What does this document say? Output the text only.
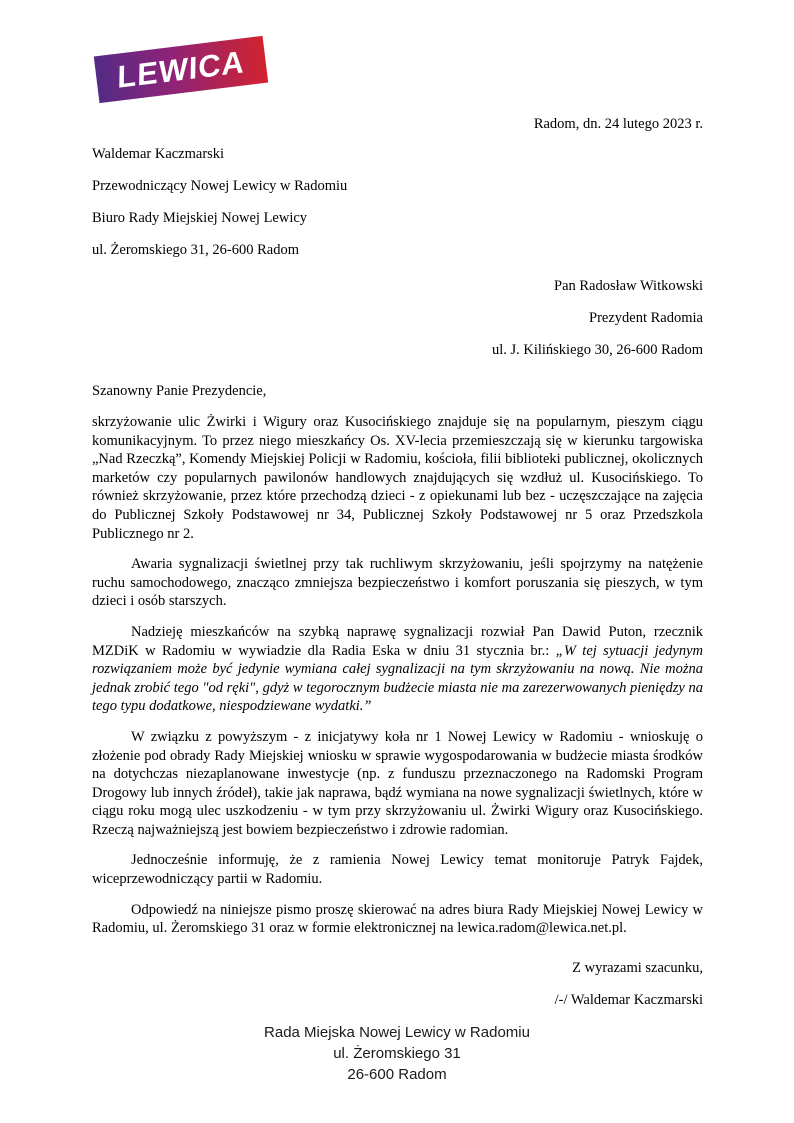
LEWICA
Radom, dn. 24 lutego 2023 r.
Waldemar Kaczmarski
Przewodniczący Nowej Lewicy w Radomiu
Biuro Rady Miejskiej Nowej Lewicy
ul. Żeromskiego 31, 26-600 Radom
Pan Radosław Witkowski
Prezydent Radomia
ul. J. Kilińskiego 30, 26-600 Radom
Szanowny Panie Prezydencie,

skrzyżowanie ulic Żwirki i Wigury oraz Kusocińskiego znajduje się na popularnym, pieszym ciągu komunikacyjnym. To przez niego mieszkańcy Os. XV-lecia przemieszczają się w kierunku targowiska „Nad Rzeczką”, Komendy Miejskiej Policji w Radomiu, kościoła, filii biblioteki publicznej, okolicznych marketów czy popularnych pawilonów handlowych znajdujących się wzdłuż ul. Kusocińskiego. To również skrzyżowanie, przez które przechodzą dzieci - z opiekunami lub bez - uczęszczające na zajęcia do Publicznej Szkoły Podstawowej nr 34, Publicznej Szkoły Podstawowej nr 5 oraz Przedszkola Publicznego nr 2.

Awaria sygnalizacji świetlnej przy tak ruchliwym skrzyżowaniu, jeśli spojrzymy na natężenie ruchu samochodowego, znacząco zmniejsza bezpieczeństwo i komfort poruszania się pieszych, w tym dzieci i osób starszych.

Nadzieję mieszkańców na szybką naprawę sygnalizacji rozwiał Pan Dawid Puton, rzecznik MZDiK w Radomiu w wywiadzie dla Radia Eska w dniu 31 stycznia br.: „W tej sytuacji jedynym rozwiązaniem może być jedynie wymiana całej sygnalizacji na tym skrzyżowaniu na nową. Nie można jednak zrobić tego "od ręki", gdyż w tegorocznym budżecie miasta nie ma zarezerwowanych pieniędzy na tego typu dodatkowe, niespodziewane wydatki.”

W związku z powyższym - z inicjatywy koła nr 1 Nowej Lewicy w Radomiu - wnioskuję o złożenie pod obrady Rady Miejskiej wniosku w sprawie wygospodarowania w budżecie miasta środków na dotychczas niezaplanowane inwestycje (np. z funduszu przeznaczonego na Radomski Program Drogowy lub innych źródeł), takie jak naprawa, bądź wymiana na nowe sygnalizacji świetlnych, które w ciągu roku mogą ulec uszkodzeniu - w tym przy skrzyżowaniu ul. Żwirki Wigury oraz Kusocińskiego. Rzeczą najważniejszą jest bowiem bezpieczeństwo i zdrowie radomian.

Jednocześnie informuję, że z ramienia Nowej Lewicy temat monitoruje Patryk Fajdek, wiceprzewodniczący partii w Radomiu.

Odpowiedź na niniejsze pismo proszę skierować na adres biura Rady Miejskiej Nowej Lewicy w Radomiu, ul. Żeromskiego 31 oraz w formie elektronicznej na lewica.radom@lewica.net.pl.

Z wyrazami szacunku,
/-/ Waldemar Kaczmarski
Rada Miejska Nowej Lewicy w Radomiu
ul. Żeromskiego 31
26-600 Radom
